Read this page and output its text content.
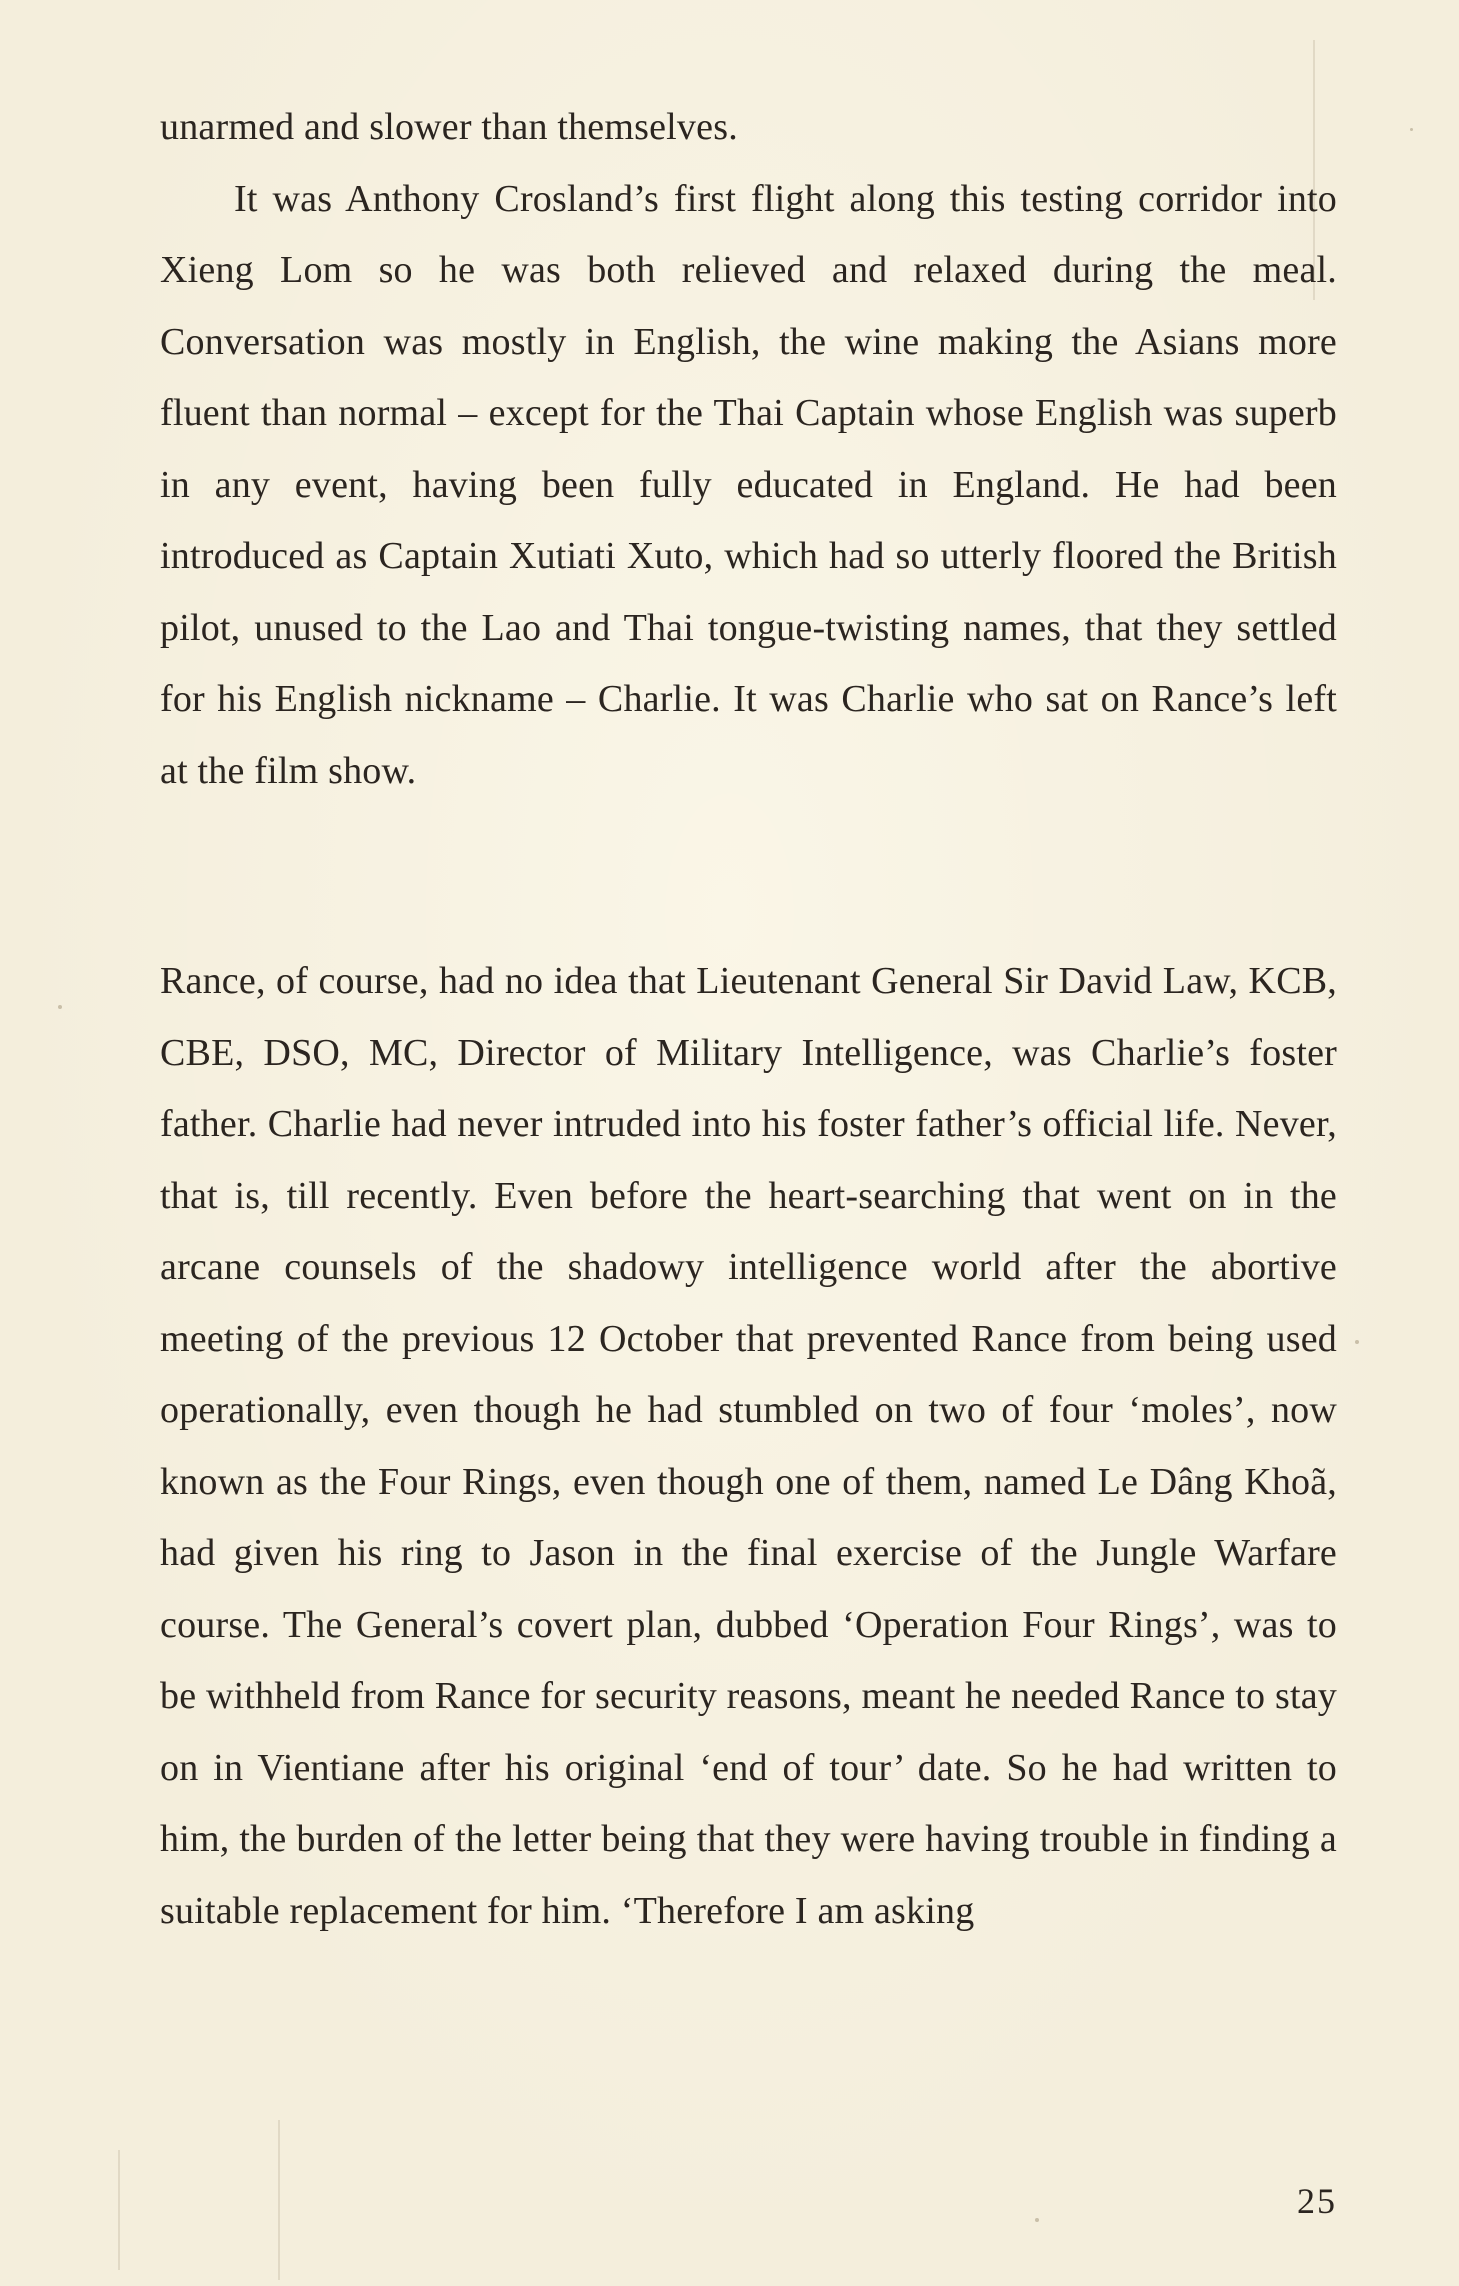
unarmed and slower than themselves.

It was Anthony Crosland’s first flight along this testing corridor into Xieng Lom so he was both relieved and relaxed during the meal. Conversation was mostly in English, the wine making the Asians more fluent than normal – except for the Thai Captain whose English was superb in any event, having been fully educated in England. He had been introduced as Captain Xutiati Xuto, which had so utterly floored the British pilot, unused to the Lao and Thai tongue-twisting names, that they settled for his English nickname – Charlie. It was Charlie who sat on Rance’s left at the film show.

Rance, of course, had no idea that Lieutenant General Sir David Law, KCB, CBE, DSO, MC, Director of Military Intelligence, was Charlie’s foster father. Charlie had never intruded into his foster father’s official life. Never, that is, till recently. Even before the heart-searching that went on in the arcane counsels of the shadowy intelligence world after the abortive meeting of the previous 12 October that prevented Rance from being used operationally, even though he had stumbled on two of four ‘moles’, now known as the Four Rings, even though one of them, named Le Dâng Khoã, had given his ring to Jason in the final exercise of the Jungle Warfare course. The General’s covert plan, dubbed ‘Operation Four Rings’, was to be withheld from Rance for security reasons, meant he needed Rance to stay on in Vientiane after his original ‘end of tour’ date. So he had written to him, the burden of the letter being that they were having trouble in finding a suitable replacement for him. ‘Therefore I am asking

25
